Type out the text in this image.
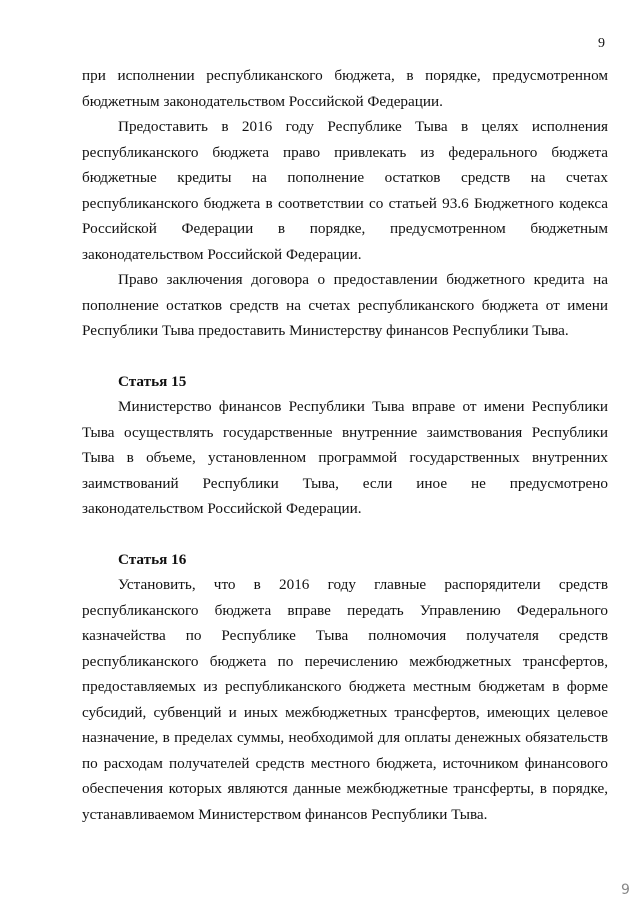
9

при исполнении республиканского бюджета, в порядке, предусмотренном бюджетным законодательством Российской Федерации.

Предоставить в 2016 году Республике Тыва в целях исполнения республиканского бюджета право привлекать из федерального бюджета бюджетные кредиты на пополнение остатков средств на счетах республиканского бюджета в соответствии со статьей 93.6 Бюджетного кодекса Российской Федерации в порядке, предусмотренном бюджетным законодательством Российской Федерации.

Право заключения договора о предоставлении бюджетного кредита на пополнение остатков средств на счетах республиканского бюджета от имени Республики Тыва предоставить Министерству финансов Республики Тыва.

Статья 15

Министерство финансов Республики Тыва вправе от имени Республики Тыва осуществлять государственные внутренние заимствования Республики Тыва в объеме, установленном программой государственных внутренних заимствований Республики Тыва, если иное не предусмотрено законодательством Российской Федерации.

Статья 16

Установить, что в 2016 году главные распорядители средств республиканского бюджета вправе передать Управлению Федерального казначейства по Республике Тыва полномочия получателя средств республиканского бюджета по перечислению межбюджетных трансфертов, предоставляемых из республиканского бюджета местным бюджетам в форме субсидий, субвенций и иных межбюджетных трансфертов, имеющих целевое назначение, в пределах суммы, необходимой для оплаты денежных обязательств по расходам получателей средств местного бюджета, источником финансового обеспечения которых являются данные межбюджетные трансферты, в порядке, устанавливаемом Министерством финансов Республики Тыва.

9
